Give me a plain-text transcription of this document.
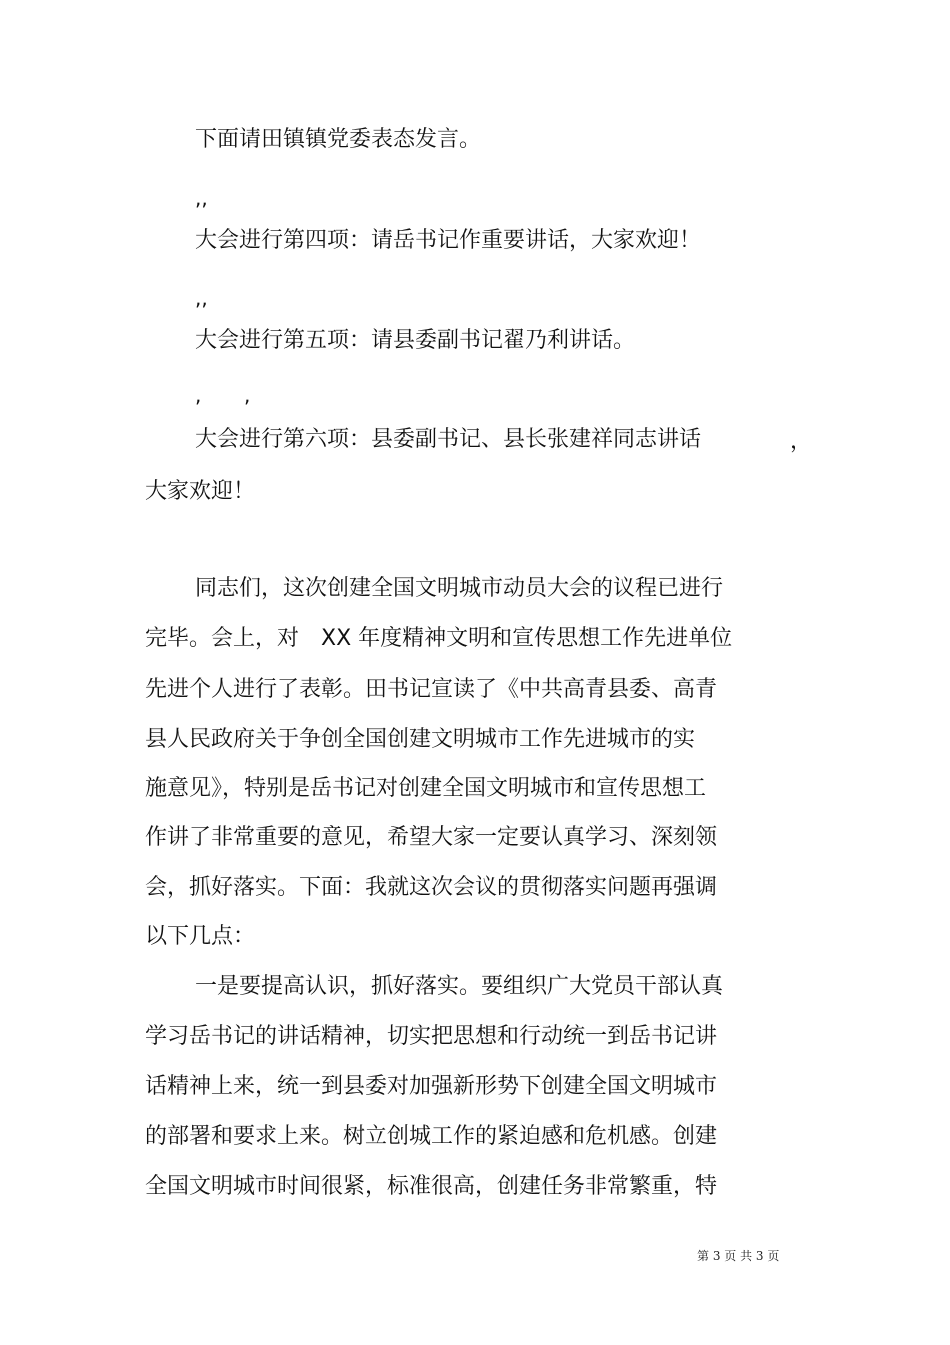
下面请田镇镇党委表态发言。
,,
大会进行第四项：请岳书记作重要讲话，大家欢迎！
,,
大会进行第五项：请县委副书记翟乃利讲话。
, ,
大会进行第六项：县委副书记、县长张建祥同志讲话	，
大家欢迎！
同志们，这次创建全国文明城市动员大会的议程已进行
完毕。会上，对　XX 年度精神文明和宣传思想工作先进单位
先进个人进行了表彰。田书记宣读了《中共高青县委、高青
县人民政府关于争创全国创建文明城市工作先进城市的实
施意见》，特别是岳书记对创建全国文明城市和宣传思想工
作讲了非常重要的意见，希望大家一定要认真学习、深刻领
会，抓好落实。下面：我就这次会议的贯彻落实问题再强调
以下几点：
一是要提高认识，抓好落实。要组织广大党员干部认真
学习岳书记的讲话精神，切实把思想和行动统一到岳书记讲
话精神上来，统一到县委对加强新形势下创建全国文明城市
的部署和要求上来。树立创城工作的紧迫感和危机感。创建
全国文明城市时间很紧，标准很高，创建任务非常繁重，特
第 3 页 共 3 页
